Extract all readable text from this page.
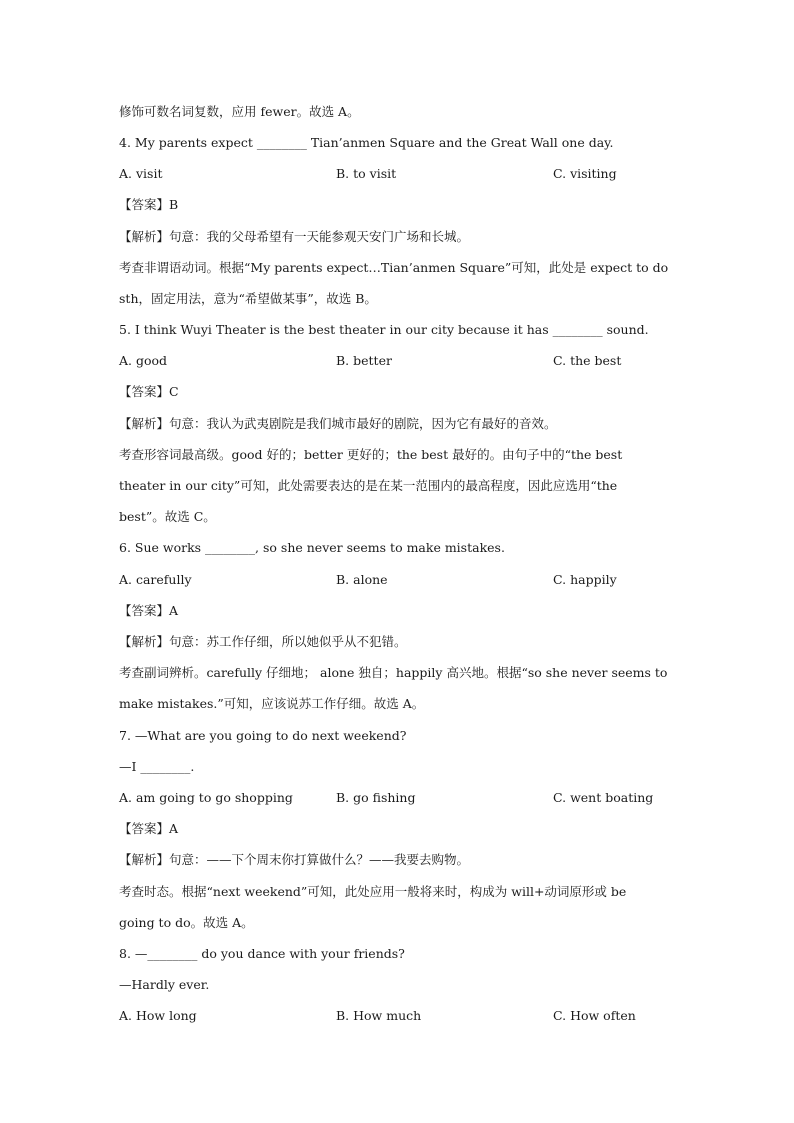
修饰可数名词复数，应用 fewer。故选 A。
4. My parents expect ________ Tian’anmen Square and the Great Wall one day.
A. visit	B. to visit	C. visiting
【答案】B
【解析】句意：我的父母希望有一天能参观天安门广场和长城。
考查非谓语动词。根据“My parents expect…Tian’anmen Square”可知，此处是 expect to do
sth，固定用法，意为“希望做某事”，故选 B。
5. I think Wuyi Theater is the best theater in our city because it has ________ sound.
A. good	B. better	C. the best
【答案】C
【解析】句意：我认为武夷剧院是我们城市最好的剧院，因为它有最好的音效。
考查形容词最高级。good 好的；better 更好的；the best 最好的。由句子中的“the best
theater in our city”可知，此处需要表达的是在某一范围内的最高程度，因此应选用“the
best”。故选 C。
6. Sue works ________, so she never seems to make mistakes.
A. carefully	B. alone	C. happily
【答案】A
【解析】句意：苏工作仔细，所以她似乎从不犯错。
考查副词辨析。carefully 仔细地； alone 独自；happily 高兴地。根据“so she never seems to
make mistakes.”可知，应该说苏工作仔细。故选 A。
7. —What are you going to do next weekend?
—I ________.
A. am going to go shopping	B. go fishing	C. went boating
【答案】A
【解析】句意：——下个周末你打算做什么？——我要去购物。
考查时态。根据“next weekend”可知，此处应用一般将来时，构成为 will+动词原形或 be
going to do。故选 A。
8. —________ do you dance with your friends?
—Hardly ever.
A. How long	B. How much	C. How often
